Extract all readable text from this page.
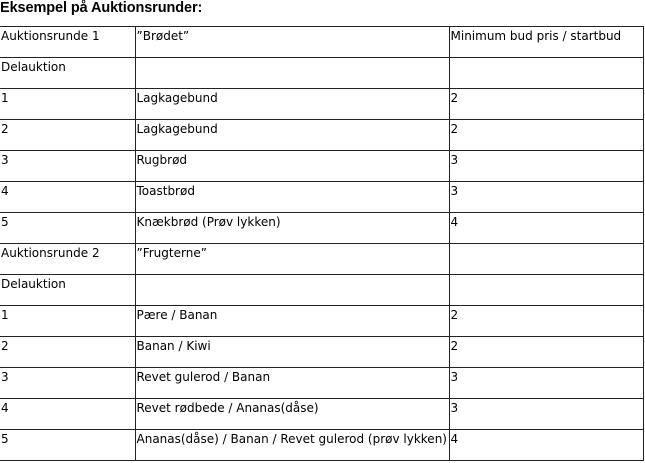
Eksempel på Auktionsrunder:
Auktionsrunde 1	”Brødet”	Minimum bud pris / startbud
Delauktion		
1	Lagkagebund	2
2	Lagkagebund	2
3	Rugbrød	3
4	Toastbrød	3
5	Knækbrød (Prøv lykken)	4
Auktionsrunde 2	”Frugterne”	
Delauktion		
1	Pære / Banan	2
2	Banan / Kiwi	2
3	Revet gulerod / Banan	3
4	Revet rødbede / Ananas(dåse)	3
5	Ananas(dåse) / Banan / Revet gulerod (prøv lykken)	4
